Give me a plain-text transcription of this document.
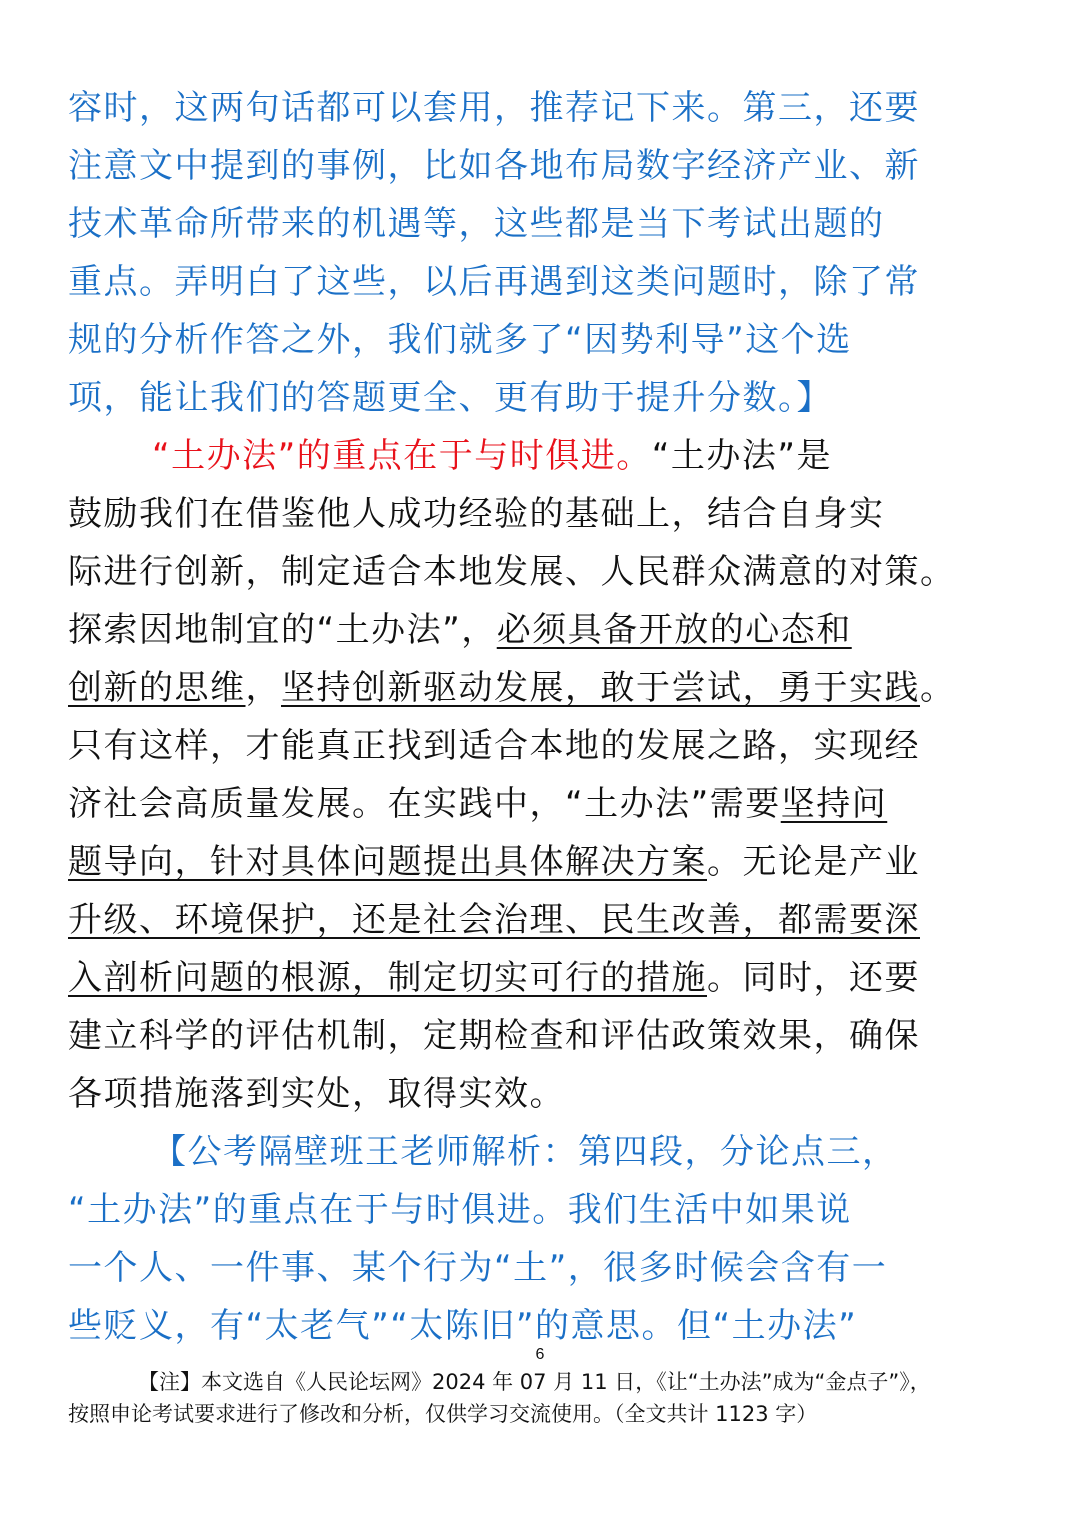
容时，这两句话都可以套用，推荐记下来。第三，还要
注意文中提到的事例，比如各地布局数字经济产业、新
技术革命所带来的机遇等，这些都是当下考试出题的
重点。弄明白了这些，以后再遇到这类问题时，除了常
规的分析作答之外，我们就多了“因势利导”这个选
项，能让我们的答题更全、更有助于提升分数。】
“土办法”的重点在于与时俱进。“土办法”是
鼓励我们在借鉴他人成功经验的基础上，结合自身实
际进行创新，制定适合本地发展、人民群众满意的对策。
探索因地制宜的“土办法”，必须具备开放的心态和
创新的思维，坚持创新驱动发展，敢于尝试，勇于实践。
只有这样，才能真正找到适合本地的发展之路，实现经
济社会高质量发展。在实践中，“土办法”需要坚持问
题导向，针对具体问题提出具体解决方案。无论是产业
升级、环境保护，还是社会治理、民生改善，都需要深
入剖析问题的根源，制定切实可行的措施。同时，还要
建立科学的评估机制，定期检查和评估政策效果，确保
各项措施落到实处，取得实效。
【公考隔壁班王老师解析：第四段，分论点三，
“土办法”的重点在于与时俱进。我们生活中如果说
一个人、一件事、某个行为“土”，很多时候会含有一
些贬义，有“太老气”“太陈旧”的意思。但“土办法”
6
【注】本文选自《人民论坛网》2024 年 07 月 11 日，《让“土办法”成为“金点子”》，
按照申论考试要求进行了修改和分析，仅供学习交流使用。（全文共计 1123 字）
